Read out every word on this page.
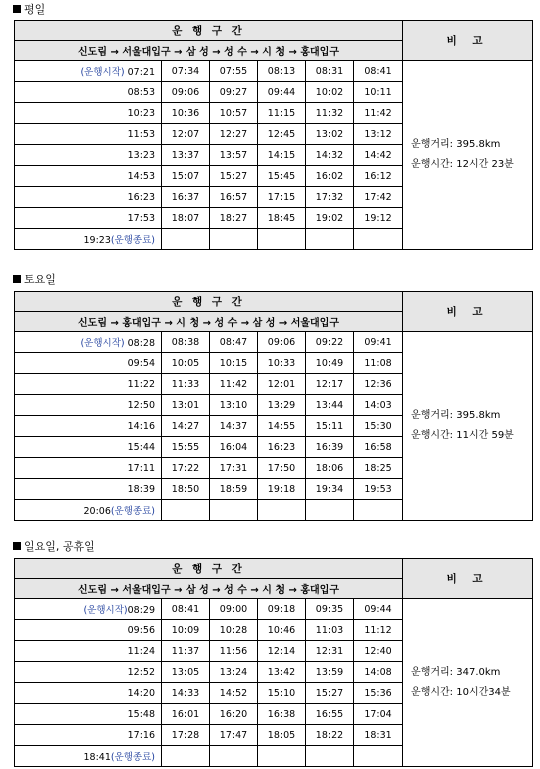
평일
운 행 구 간						비 고
신도림 → 서울대입구 → 삼 성 → 성 수 → 시 청 → 홍대입구						
(운행시작) 07:21	07:34	07:55	08:13	08:31	08:41	운행거리: 395.8km
운행시간: 12시간 23분

08:53	09:06	09:27	09:44	10:02	10:11	
10:23	10:36	10:57	11:15	11:32	11:42	
11:53	12:07	12:27	12:45	13:02	13:12	
13:23	13:37	13:57	14:15	14:32	14:42	
14:53	15:07	15:27	15:45	16:02	16:12	
16:23	16:37	16:57	17:15	17:32	17:42	
17:53	18:07	18:27	18:45	19:02	19:12	
19:23(운행종료)						
토요일
운 행 구 간						비 고
신도림 → 홍대입구 → 시 청 → 성 수 → 삼 성 → 서울대입구						
(운행시작) 08:28	08:38	08:47	09:06	09:22	09:41	운행거리: 395.8km
운행시간: 11시간 59분

09:54	10:05	10:15	10:33	10:49	11:08	
11:22	11:33	11:42	12:01	12:17	12:36	
12:50	13:01	13:10	13:29	13:44	14:03	
14:16	14:27	14:37	14:55	15:11	15:30	
15:44	15:55	16:04	16:23	16:39	16:58	
17:11	17:22	17:31	17:50	18:06	18:25	
18:39	18:50	18:59	19:18	19:34	19:53	
20:06(운행종료)						
일요일, 공휴일
운 행 구 간						비 고
신도림 → 서울대입구 → 삼 성 → 성 수 → 시 청 → 홍대입구						
(운행시작)08:29	08:41	09:00	09:18	09:35	09:44	운행거리: 347.0km
운행시간: 10시간34분

09:56	10:09	10:28	10:46	11:03	11:12	
11:24	11:37	11:56	12:14	12:31	12:40	
12:52	13:05	13:24	13:42	13:59	14:08	
14:20	14:33	14:52	15:10	15:27	15:36	
15:48	16:01	16:20	16:38	16:55	17:04	
17:16	17:28	17:47	18:05	18:22	18:31	
18:41(운행종료)						
